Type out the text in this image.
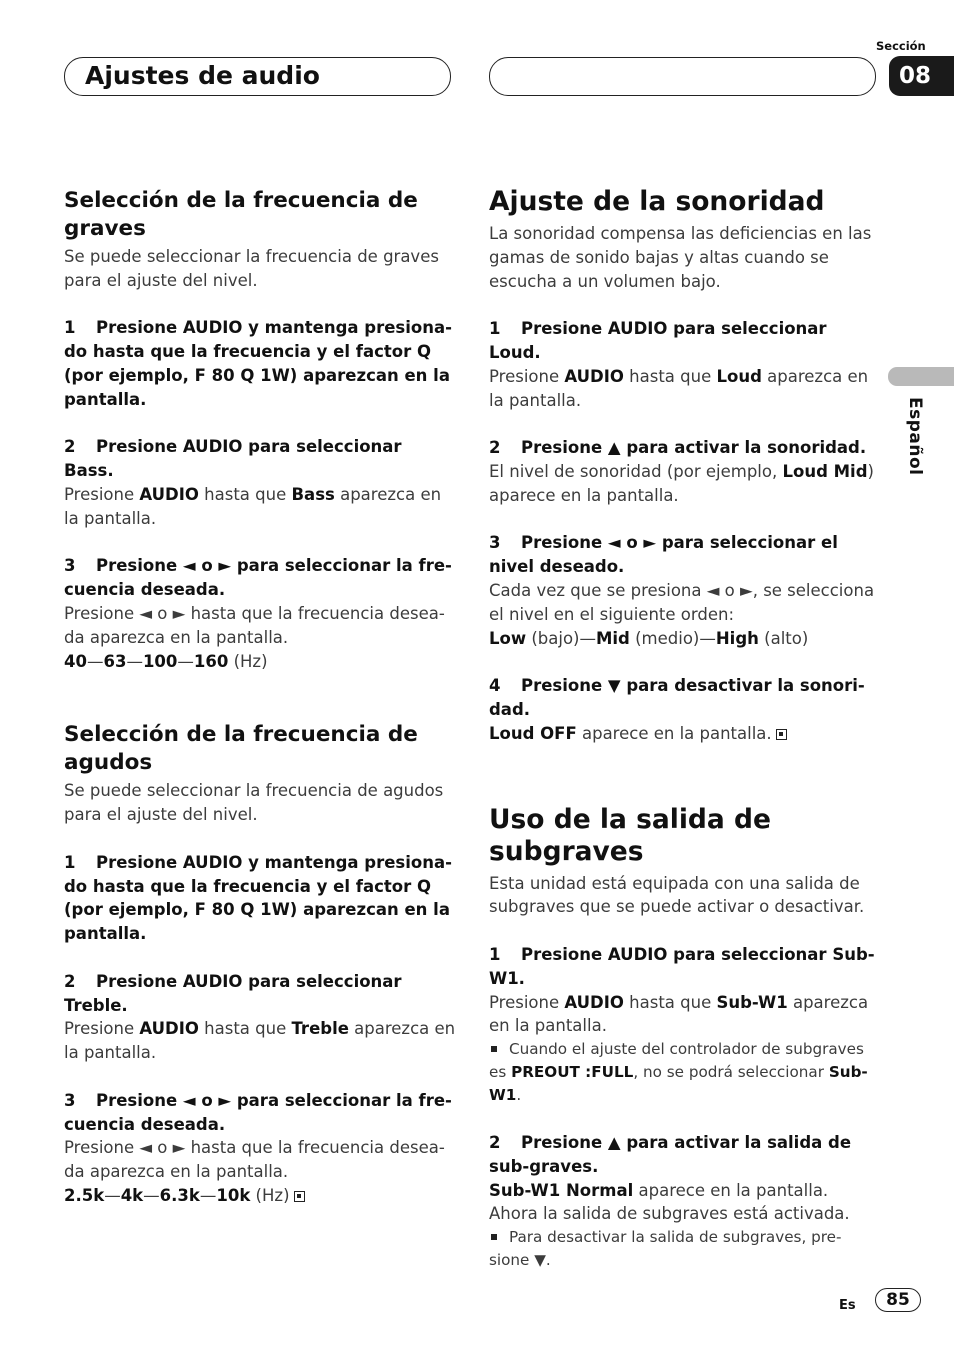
Ajustes de audio
Sección
08
Español
Selección de la frecuencia de graves

Se puede seleccionar la frecuencia de graves para el ajuste del nivel.

1 Presione AUDIO y mantenga presiona-do hasta que la frecuencia y el factor Q (por ejemplo, F 80 Q 1W) aparezcan en la pantalla.

2 Presione AUDIO para seleccionar Bass.

Presione AUDIO hasta que Bass aparezca en la pantalla.

3 Presione ◄ o ► para seleccionar la fre-cuencia deseada.

Presione ◄ o ► hasta que la frecuencia desea-da aparezca en la pantalla.

40—63—100—160 (Hz)

Selección de la frecuencia de agudos

Se puede seleccionar la frecuencia de agudos para el ajuste del nivel.

1 Presione AUDIO y mantenga presiona-do hasta que la frecuencia y el factor Q (por ejemplo, F 80 Q 1W) aparezcan en la pantalla.

2 Presione AUDIO para seleccionar Treble.

Presione AUDIO hasta que Treble aparezca en la pantalla.

3 Presione ◄ o ► para seleccionar la fre-cuencia deseada.

Presione ◄ o ► hasta que la frecuencia desea-da aparezca en la pantalla.

2.5k—4k—6.3k—10k (Hz)

Ajuste de la sonoridad

La sonoridad compensa las deficiencias en las gamas de sonido bajas y altas cuando se escucha a un volumen bajo.

1 Presione AUDIO para seleccionar Loud.

Presione AUDIO hasta que Loud aparezca en la pantalla.

2 Presione ▲ para activar la sonoridad.

El nivel de sonoridad (por ejemplo, Loud Mid) aparece en la pantalla.

3 Presione ◄ o ► para seleccionar el nivel deseado.

Cada vez que se presiona ◄ o ►, se selecciona el nivel en el siguiente orden:

Low (bajo)—Mid (medio)—High (alto)

4 Presione ▼ para desactivar la sonori-dad.

Loud OFF aparece en la pantalla.

Uso de la salida de subgraves

Esta unidad está equipada con una salida de subgraves que se puede activar o desactivar.

1 Presione AUDIO para seleccionar Sub-W1.

Presione AUDIO hasta que Sub-W1 aparezca en la pantalla.

Cuando el ajuste del controlador de subgraves es PREOUT :FULL, no se podrá seleccionar Sub-W1.

2 Presione ▲ para activar la salida de sub-graves.

Sub-W1 Normal aparece en la pantalla.

Ahora la salida de subgraves está activada.

Para desactivar la salida de subgraves, pre-sione ▼.

Es	85
